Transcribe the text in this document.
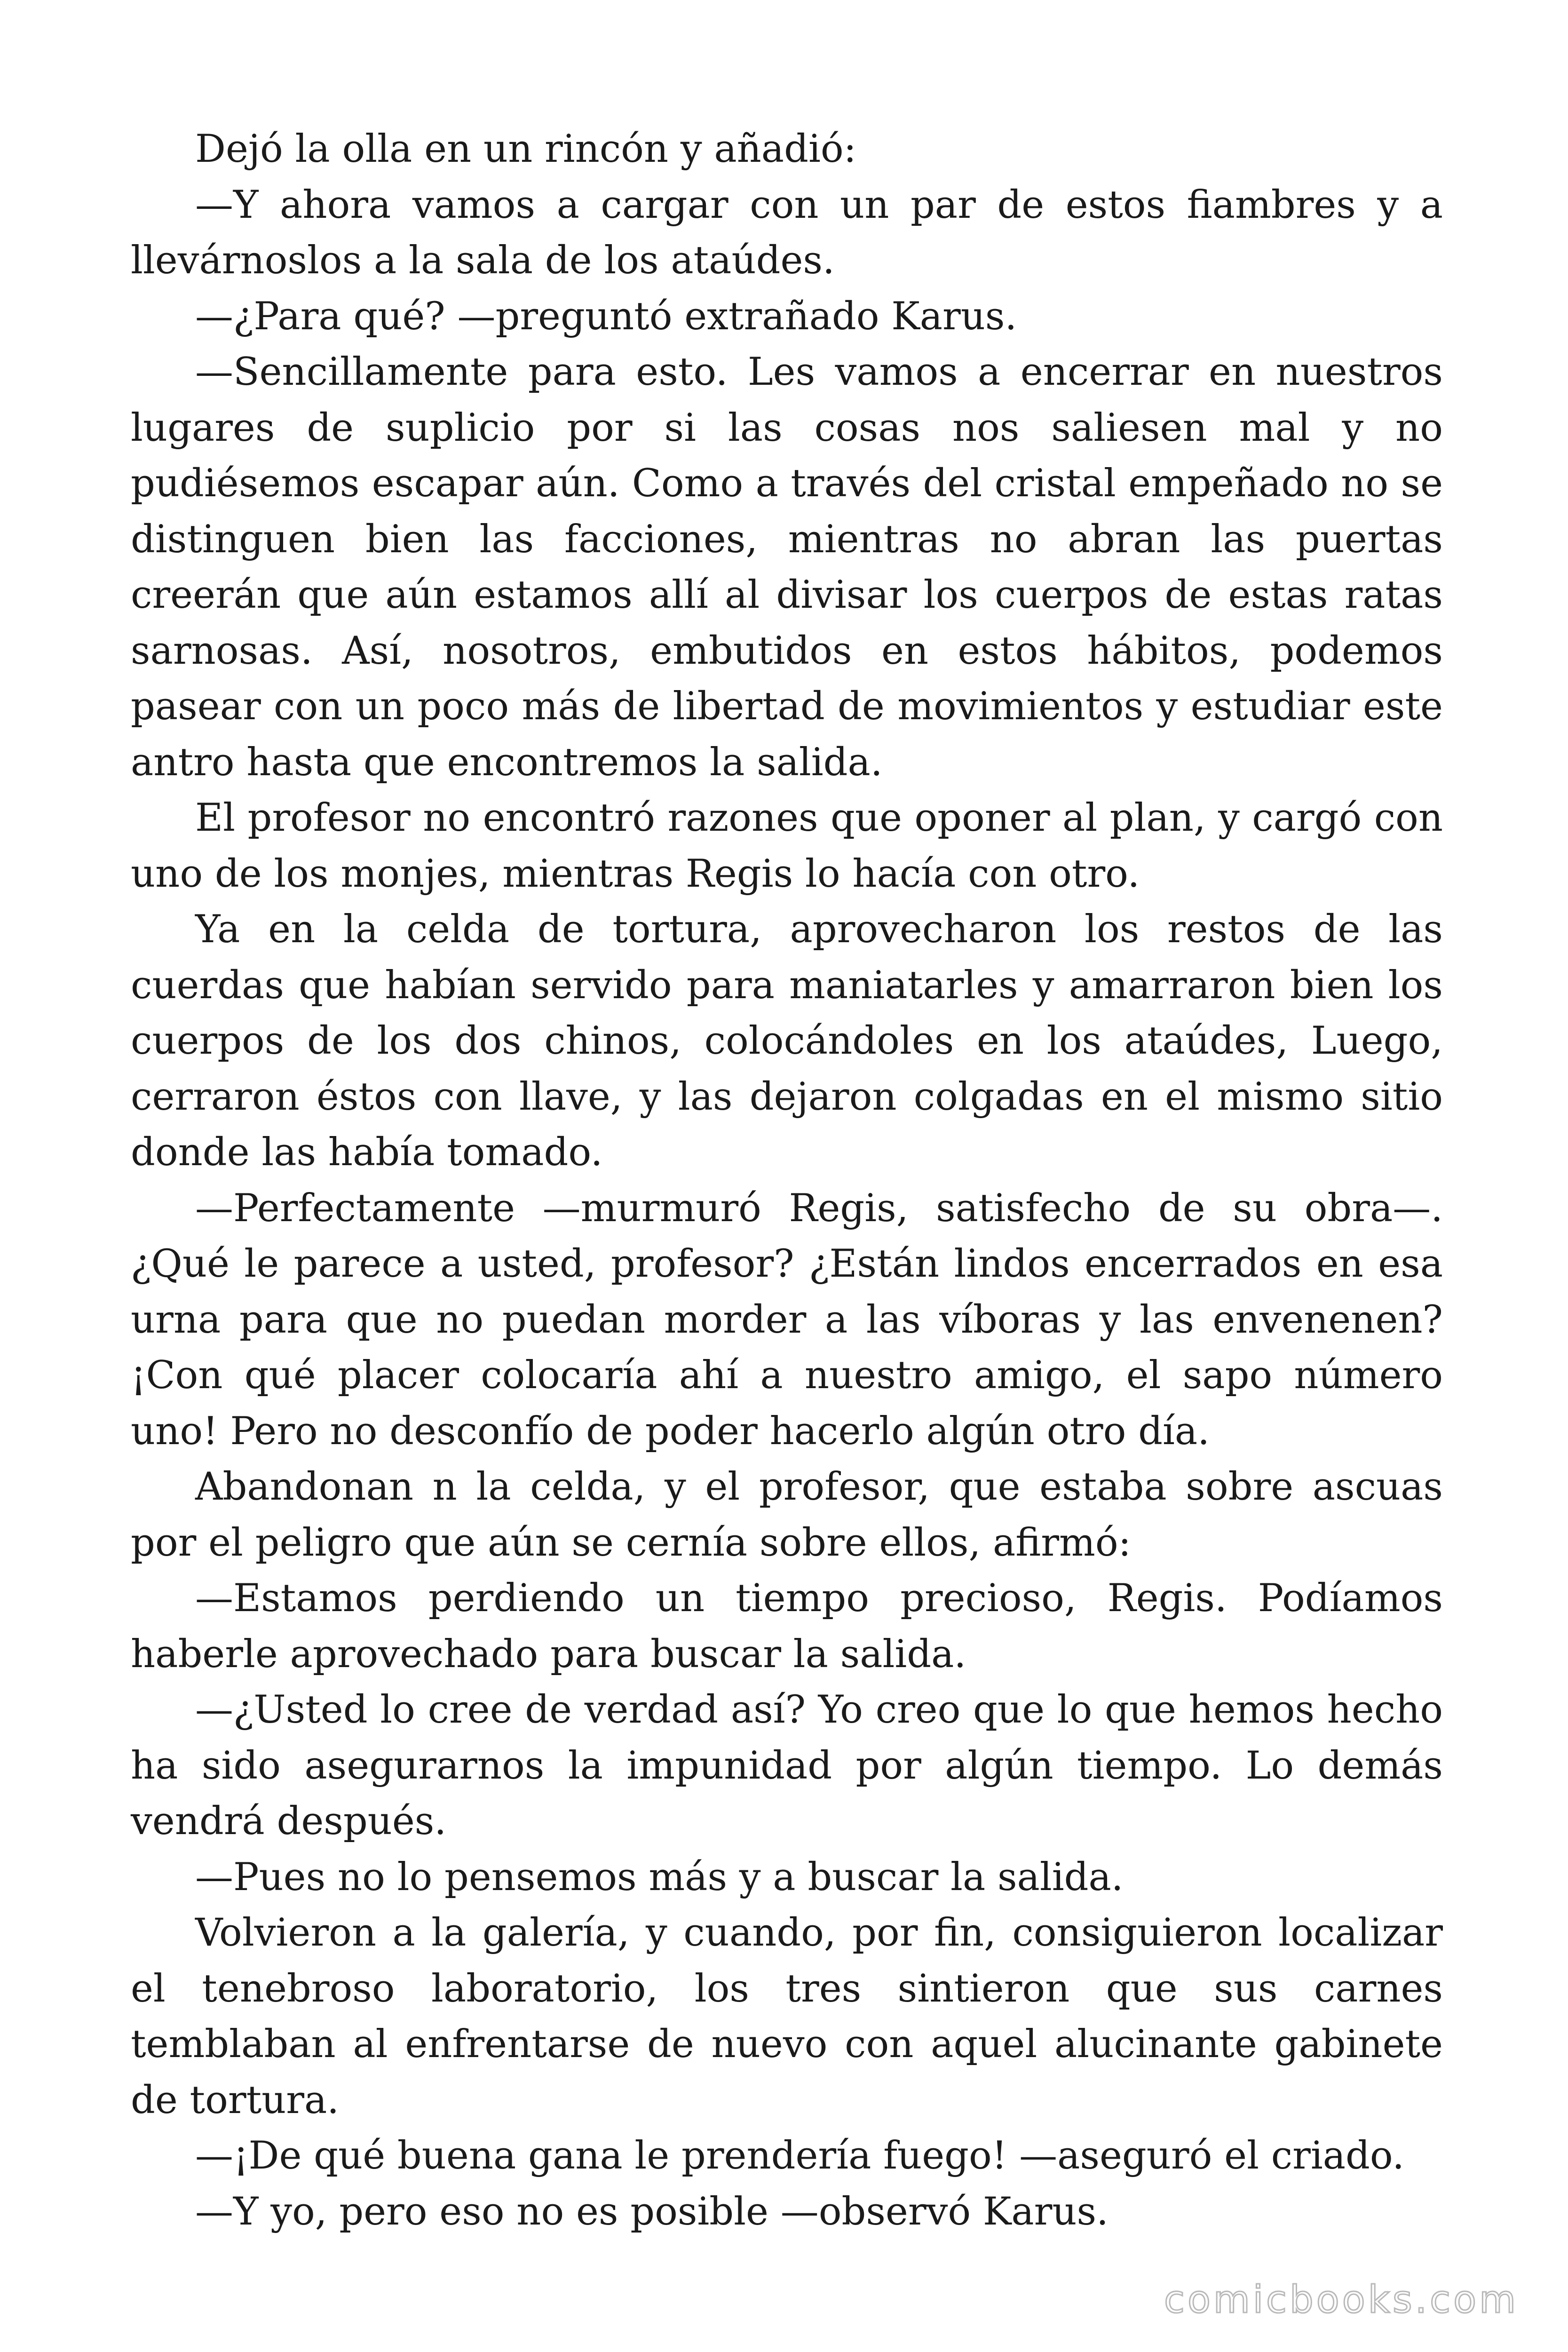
Dejó la olla en un rincón y añadió:

—Y ahora vamos a cargar con un par de estos fiambres y a llevárnoslos a la sala de los ataúdes.

—¿Para qué? —preguntó extrañado Karus.

—Sencillamente para esto. Les vamos a encerrar en nuestros lugares de suplicio por si las cosas nos saliesen mal y no pudiésemos escapar aún. Como a través del cristal empeñado no se distinguen bien las facciones, mientras no abran las puertas creerán que aún estamos allí al divisar los cuerpos de estas ratas sarnosas. Así, nosotros, embutidos en estos hábitos, podemos pasear con un poco más de libertad de movimientos y estudiar este antro hasta que encontremos la salida.

El profesor no encontró razones que oponer al plan, y cargó con uno de los monjes, mientras Regis lo hacía con otro.

Ya en la celda de tortura, aprovecharon los restos de las cuerdas que habían servido para maniatarles y amarraron bien los cuerpos de los dos chinos, colocándoles en los ataúdes, Luego, cerraron éstos con llave, y las dejaron colgadas en el mismo sitio donde las había tomado.

—Perfectamente —murmuró Regis, satisfecho de su obra—. ¿Qué le parece a usted, profesor? ¿Están lindos encerrados en esa urna para que no puedan morder a las víboras y las envenenen? ¡Con qué placer colocaría ahí a nuestro amigo, el sapo número uno! Pero no desconfío de poder hacerlo algún otro día.

Abandonan n la celda, y el profesor, que estaba sobre ascuas por el peligro que aún se cernía sobre ellos, afirmó:

—Estamos perdiendo un tiempo precioso, Regis. Podíamos haberle aprovechado para buscar la salida.

—¿Usted lo cree de verdad así? Yo creo que lo que hemos hecho ha sido asegurarnos la impunidad por algún tiempo. Lo demás vendrá después.

—Pues no lo pensemos más y a buscar la salida.

Volvieron a la galería, y cuando, por fin, consiguieron localizar el tenebroso laboratorio, los tres sintieron que sus carnes temblaban al enfrentarse de nuevo con aquel alucinante gabinete de tortura.

—¡De qué buena gana le prendería fuego! —aseguró el criado.

—Y yo, pero eso no es posible —observó Karus.

comicbooks.com
